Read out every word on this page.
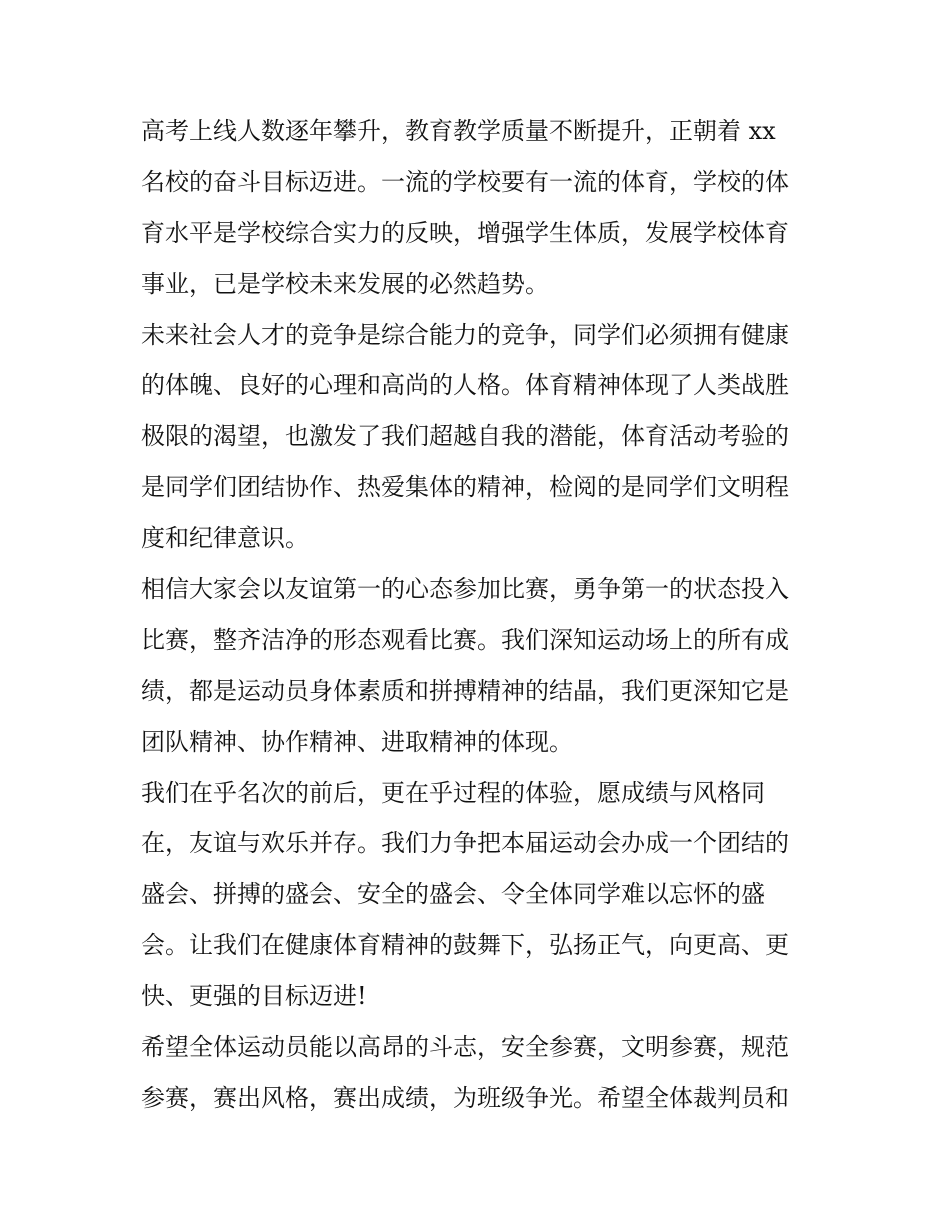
高考上线人数逐年攀升，教育教学质量不断提升，正朝着 xx
名校的奋斗目标迈进。一流的学校要有一流的体育，学校的体
育水平是学校综合实力的反映，增强学生体质，发展学校体育
事业，已是学校未来发展的必然趋势。
未来社会人才的竞争是综合能力的竞争，同学们必须拥有健康
的体魄、良好的心理和高尚的人格。体育精神体现了人类战胜
极限的渴望，也激发了我们超越自我的潜能，体育活动考验的
是同学们团结协作、热爱集体的精神，检阅的是同学们文明程
度和纪律意识。
相信大家会以友谊第一的心态参加比赛，勇争第一的状态投入
比赛，整齐洁净的形态观看比赛。我们深知运动场上的所有成
绩，都是运动员身体素质和拼搏精神的结晶，我们更深知它是
团队精神、协作精神、进取精神的体现。
我们在乎名次的前后，更在乎过程的体验，愿成绩与风格同
在，友谊与欢乐并存。我们力争把本届运动会办成一个团结的
盛会、拼搏的盛会、安全的盛会、令全体同学难以忘怀的盛
会。让我们在健康体育精神的鼓舞下，弘扬正气，向更高、更
快、更强的目标迈进!
希望全体运动员能以高昂的斗志，安全参赛，文明参赛，规范
参赛，赛出风格，赛出成绩，为班级争光。希望全体裁判员和
